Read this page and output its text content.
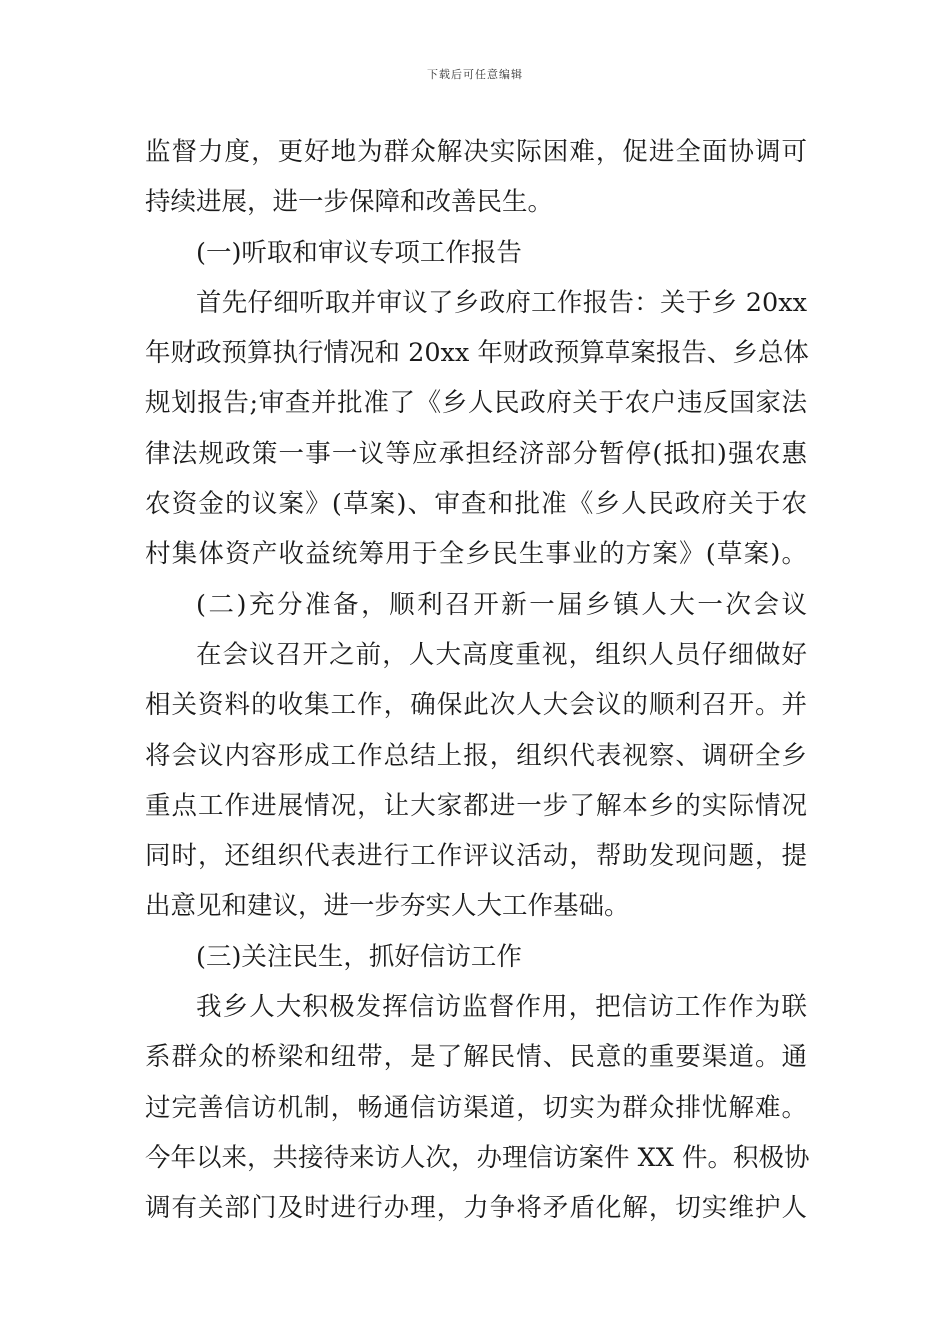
下载后可任意编辑
监督力度，更好地为群众解决实际困难，促进全面协调可
持续进展，进一步保障和改善民生。
(一)听取和审议专项工作报告
首先仔细听取并审议了乡政府工作报告：关于乡 20xx
年财政预算执行情况和 20xx 年财政预算草案报告、乡总体
规划报告;审查并批准了《乡人民政府关于农户违反国家法
律法规政策一事一议等应承担经济部分暂停(抵扣)强农惠
农资金的议案》(草案)、审查和批准《乡人民政府关于农
村集体资产收益统筹用于全乡民生事业的方案》(草案)。
(二)充分准备，顺利召开新一届乡镇人大一次会议
在会议召开之前，人大高度重视，组织人员仔细做好
相关资料的收集工作，确保此次人大会议的顺利召开。并
将会议内容形成工作总结上报，组织代表视察、调研全乡
重点工作进展情况，让大家都进一步了解本乡的实际情况
同时，还组织代表进行工作评议活动，帮助发现问题，提
出意见和建议，进一步夯实人大工作基础。
(三)关注民生，抓好信访工作
我乡人大积极发挥信访监督作用，把信访工作作为联
系群众的桥梁和纽带，是了解民情、民意的重要渠道。通
过完善信访机制，畅通信访渠道，切实为群众排忧解难。
今年以来，共接待来访人次，办理信访案件 XX 件。积极协
调有关部门及时进行办理，力争将矛盾化解，切实维护人
